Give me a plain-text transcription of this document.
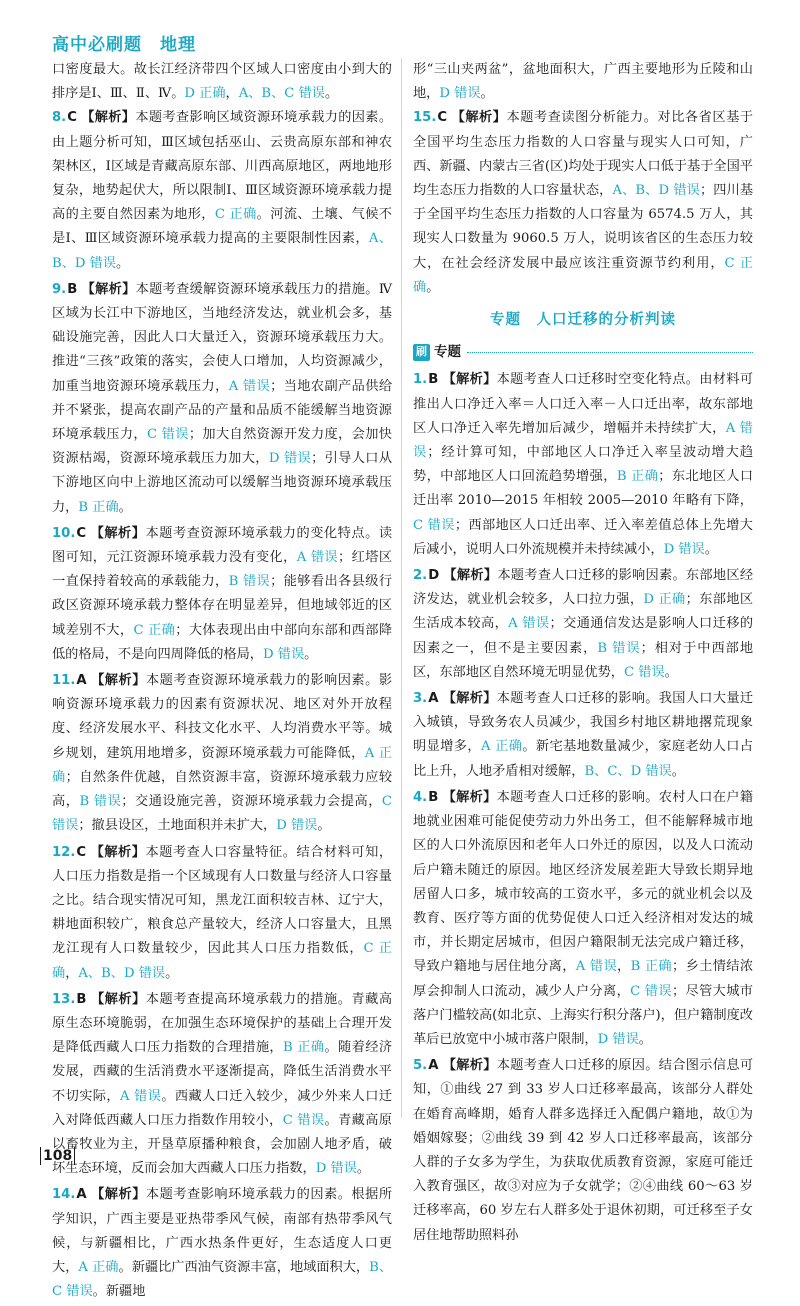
高中必刷题　地理

口密度最大。故长江经济带四个区域人口密度由小到大的排序是Ⅰ、Ⅲ、Ⅱ、Ⅳ。D 正确，A、B、C 错误。

8.C 【解析】本题考查影响区域资源环境承载力的因素。由上题分析可知，Ⅲ区域包括巫山、云贵高原东部和神农架林区，Ⅰ区域是青藏高原东部、川西高原地区，两地地形复杂，地势起伏大，所以限制Ⅰ、Ⅲ区域资源环境承载力提高的主要自然因素为地形，C 正确。河流、土壤、气候不是Ⅰ、Ⅲ区域资源环境承载力提高的主要限制性因素，A、B、D 错误。

9.B 【解析】本题考查缓解资源环境承载压力的措施。Ⅳ区域为长江中下游地区，当地经济发达，就业机会多，基础设施完善，因此人口大量迁入，资源环境承载压力大。推进“三孩”政策的落实，会使人口增加，人均资源减少，加重当地资源环境承载压力，A 错误；当地农副产品供给并不紧张，提高农副产品的产量和品质不能缓解当地资源环境承载压力，C 错误；加大自然资源开发力度，会加快资源枯竭，资源环境承载压力加大，D 错误；引导人口从下游地区向中上游地区流动可以缓解当地资源环境承载压力，B 正确。

10.C 【解析】本题考查资源环境承载力的变化特点。读图可知，元江资源环境承载力没有变化，A 错误；红塔区一直保持着较高的承载能力，B 错误；能够看出各县级行政区资源环境承载力整体存在明显差异，但地域邻近的区域差别不大，C 正确；大体表现出由中部向东部和西部降低的格局，不是向四周降低的格局，D 错误。

11.A 【解析】本题考查资源环境承载力的影响因素。影响资源环境承载力的因素有资源状况、地区对外开放程度、经济发展水平、科技文化水平、人均消费水平等。城乡规划，建筑用地增多，资源环境承载力可能降低，A 正确；自然条件优越，自然资源丰富，资源环境承载力应较高，B 错误；交通设施完善，资源环境承载力会提高，C 错误；撤县设区，土地面积并未扩大，D 错误。

12.C 【解析】本题考查人口容量特征。结合材料可知，人口压力指数是指一个区域现有人口数量与经济人口容量之比。结合现实情况可知，黑龙江面积较吉林、辽宁大，耕地面积较广，粮食总产量较大，经济人口容量大，且黑龙江现有人口数量较少，因此其人口压力指数低，C 正确，A、B、D 错误。

13.B 【解析】本题考查提高环境承载力的措施。青藏高原生态环境脆弱，在加强生态环境保护的基础上合理开发是降低西藏人口压力指数的合理措施，B 正确。随着经济发展，西藏的生活消费水平逐渐提高，降低生活消费水平不切实际，A 错误。西藏人口迁入较少，减少外来人口迁入对降低西藏人口压力指数作用较小，C 错误。青藏高原以畜牧业为主，开垦草原播种粮食，会加剧人地矛盾，破坏生态环境，反而会加大西藏人口压力指数，D 错误。

14.A 【解析】本题考查影响环境承载力的因素。根据所学知识，广西主要是亚热带季风气候，南部有热带季风气候，与新疆相比，广西水热条件更好，生态适度人口更大，A 正确。新疆比广西油气资源丰富，地域面积大，B、C 错误。新疆地

形“三山夹两盆”，盆地面积大，广西主要地形为丘陵和山地，D 错误。

15.C 【解析】本题考查读图分析能力。对比各省区基于全国平均生态压力指数的人口容量与现实人口可知，广西、新疆、内蒙古三省(区)均处于现实人口低于基于全国平均生态压力指数的人口容量状态，A、B、D 错误；四川基于全国平均生态压力指数的人口容量为 6574.5 万人，其现实人口数量为 9060.5 万人，说明该省区的生态压力较大，在社会经济发展中最应该注重资源节约利用，C 正确。

专题　人口迁移的分析判读
刷 专题

1.B 【解析】本题考查人口迁移时空变化特点。由材料可推出人口净迁入率＝人口迁入率－人口迁出率，故东部地区人口净迁入率先增加后减少，增幅并未持续扩大，A 错误；经计算可知，中部地区人口净迁入率呈波动增大趋势，中部地区人口回流趋势增强，B 正确；东北地区人口迁出率 2010—2015 年相较 2005—2010 年略有下降，C 错误；西部地区人口迁出率、迁入率差值总体上先增大后减小，说明人口外流规模并未持续减小，D 错误。

2.D 【解析】本题考查人口迁移的影响因素。东部地区经济发达，就业机会较多，人口拉力强，D 正确；东部地区生活成本较高，A 错误；交通通信发达是影响人口迁移的因素之一，但不是主要因素，B 错误；相对于中西部地区，东部地区自然环境无明显优势，C 错误。

3.A 【解析】本题考查人口迁移的影响。我国人口大量迁入城镇，导致务农人员减少，我国乡村地区耕地撂荒现象明显增多，A 正确。新宅基地数量减少，家庭老幼人口占比上升，人地矛盾相对缓解，B、C、D 错误。

4.B 【解析】本题考查人口迁移的影响。农村人口在户籍地就业困难可能促使劳动力外出务工，但不能解释城市地区的人口外流原因和老年人口外迁的原因，以及人口流动后户籍未随迁的原因。地区经济发展差距大导致长期异地居留人口多，城市较高的工资水平，多元的就业机会以及教育、医疗等方面的优势促使人口迁入经济相对发达的城市，并长期定居城市，但因户籍限制无法完成户籍迁移，导致户籍地与居住地分离，A 错误，B 正确；乡土情结浓厚会抑制人口流动，减少人户分离，C 错误；尽管大城市落户门槛较高(如北京、上海实行积分落户)，但户籍制度改革后已放宽中小城市落户限制，D 错误。

5.A 【解析】本题考查人口迁移的原因。结合图示信息可知，①曲线 27 到 33 岁人口迁移率最高，该部分人群处在婚育高峰期，婚育人群多选择迁入配偶户籍地，故①为婚姻嫁娶；②曲线 39 到 42 岁人口迁移率最高，该部分人群的子女多为学生，为获取优质教育资源，家庭可能迁入教育强区，故③对应为子女就学；②④曲线 60～63 岁迁移率高，60 岁左右人群多处于退休初期，可迁移至子女居住地帮助照料孙

108
